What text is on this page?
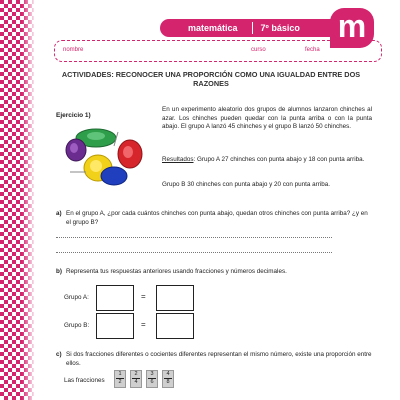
matemática	7º básico m
nombre	curso	fecha
ACTIVIDADES: RECONOCER UNA PROPORCIÓN COMO UNA IGUALDAD ENTRE DOS RAZONES
Ejercicio 1)
En un experimento aleatorio dos grupos de alumnos lanzaron chinches al azar. Los chinches pueden quedar con la punta arriba o con la punta abajo. El grupo A lanzó 45 chinches y el grupo B lanzó 50 chinches.
Resultados: Grupo A 27 chinches con punta abajo y 18 con punta arriba.
Grupo B 30 chinches con punta abajo y 20 con punta arriba.
a) En el grupo A, ¿por cada cuántos chinches con punta abajo, quedan otros chinches con punta arriba? ¿y en el grupo B?
b) Representa tus respuestas anteriores usando fracciones y números decimales.
Grupo A:	=
Grupo B:	=
c) Si dos fracciones diferentes o cocientes diferentes representan el mismo número, existe una proporción entre ellos.
Las fracciones
1
2
2
4
3
6
4
8
